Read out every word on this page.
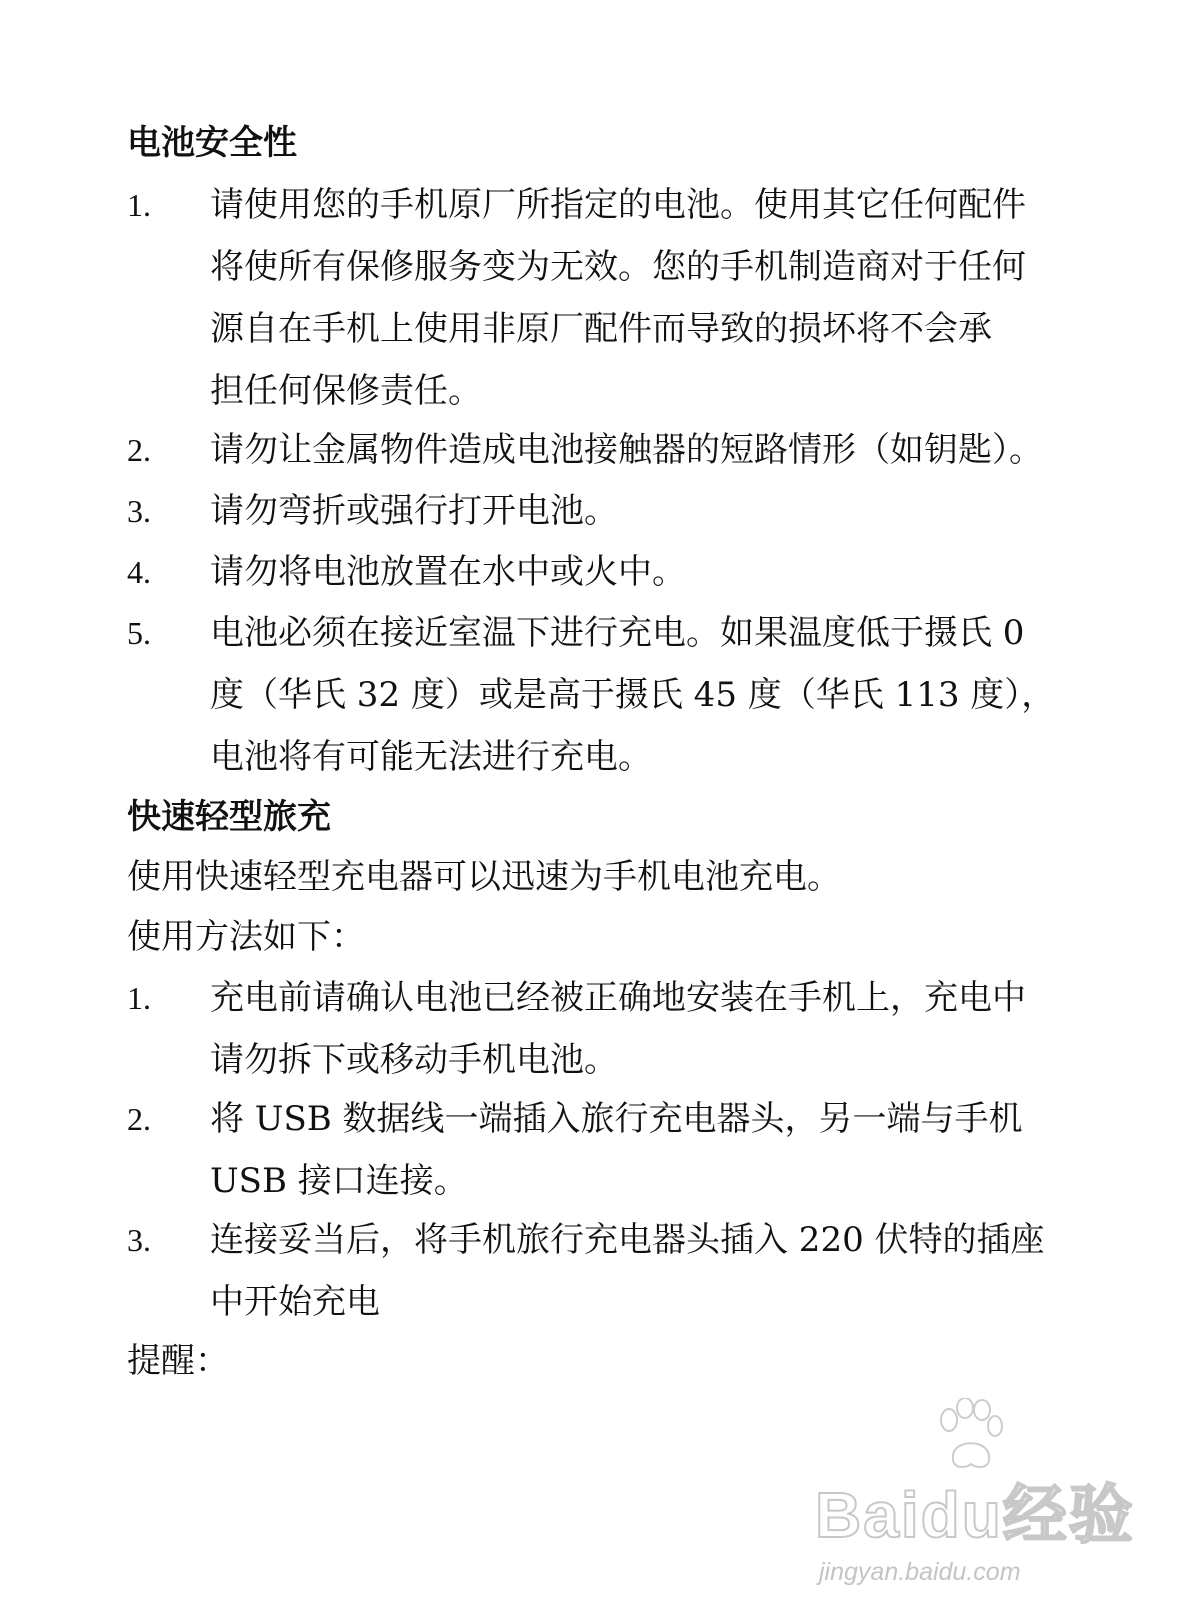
电池安全性
1. 请使用您的手机原厂所指定的电池。使用其它任何配件
将使所有保修服务变为无效。您的手机制造商对于任何
源自在手机上使用非原厂配件而导致的损坏将不会承
担任何保修责任。
2. 请勿让金属物件造成电池接触器的短路情形（如钥匙）。
3. 请勿弯折或强行打开电池。
4. 请勿将电池放置在水中或火中。
5. 电池必须在接近室温下进行充电。如果温度低于摄氏 0
度（华氏 32 度）或是高于摄氏 45 度（华氏 113 度），
电池将有可能无法进行充电。
快速轻型旅充

使用快速轻型充电器可以迅速为手机电池充电。

使用方法如下：

1. 充电前请确认电池已经被正确地安装在手机上，充电中
请勿拆下或移动手机电池。
2. 将 USB 数据线一端插入旅行充电器头，另一端与手机
USB 接口连接。
3. 连接妥当后，将手机旅行充电器头插入 220 伏特的插座
中开始充电

提醒：

Baidu经验
jingyan.baidu.com
